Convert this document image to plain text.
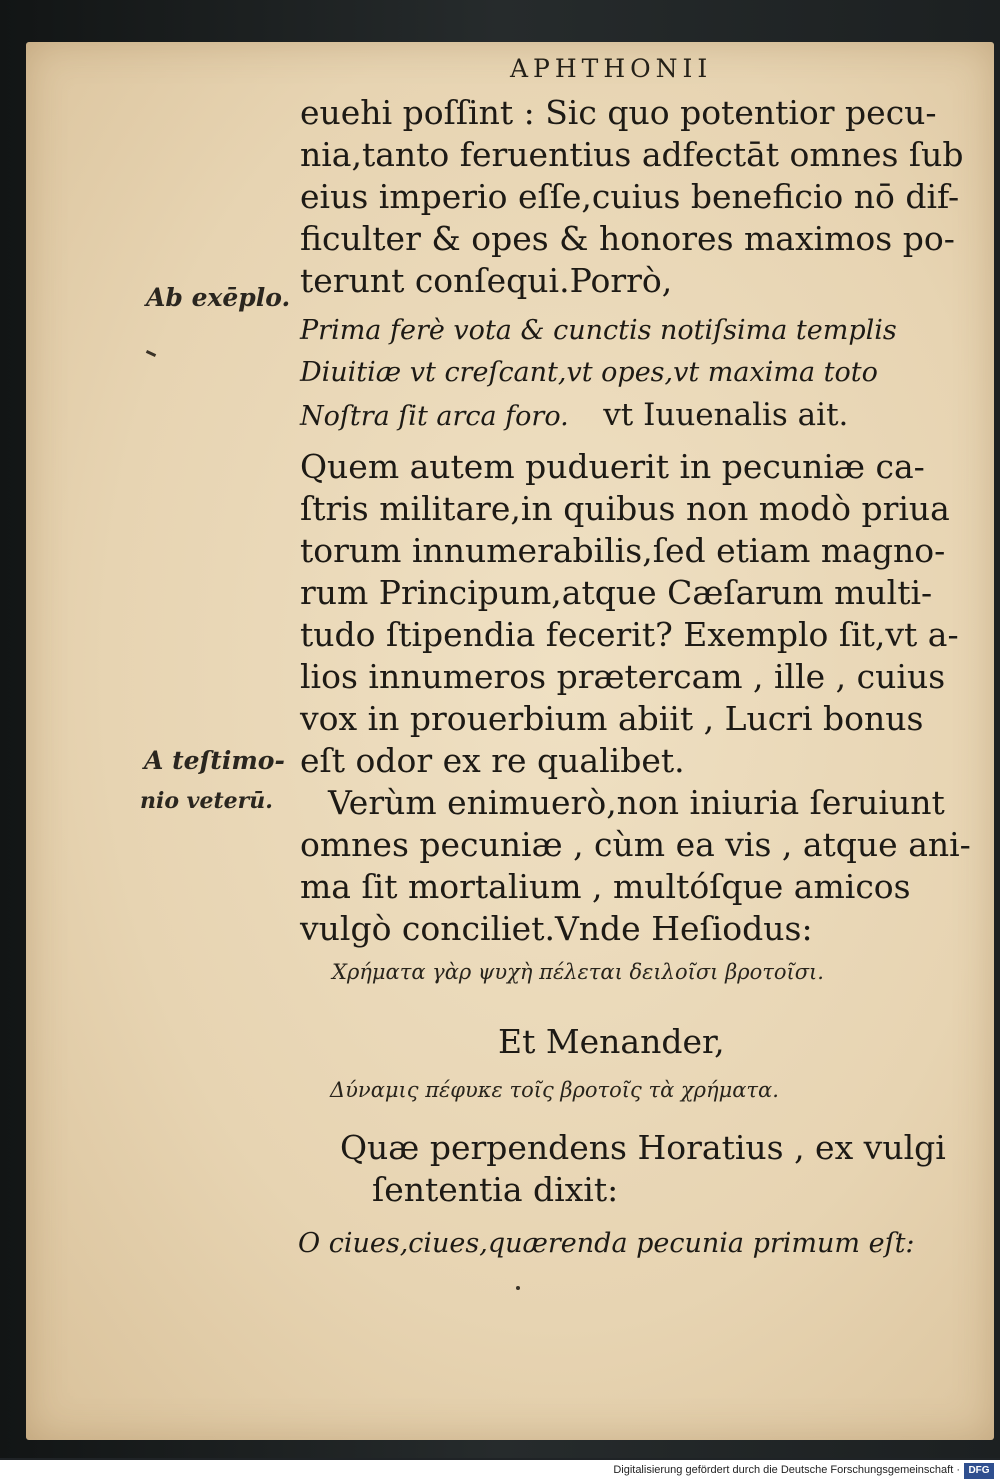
APHTHONII
Ab exēplo.
A teſtimo-
nio veterū.
euehi poſſint : Sic quo potentior pecu-
nia,tanto feruentius adfectāt omnes ſub
eius imperio eſſe,cuius beneficio nō dif-
ficulter & opes & honores maximos po-
terunt conſequi.Porrò,
Prima ferè vota & cunctis notiſsima templis
Diuitiæ vt creſcant,vt opes,vt maxima toto
Noſtra ſit arca foro. vt Iuuenalis ait.
Quem autem puduerit in pecuniæ ca-
ſtris militare,in quibus non modò priua
torum innumerabilis,ſed etiam magno-
rum Principum,atque Cæſarum multi-
tudo ſtipendia fecerit? Exemplo ſit,vt a-
lios innumeros prætercam , ille , cuius
vox in prouerbium abiit , Lucri bonus
eſt odor ex re qualibet.
Verùm enimuerò,non iniuria ſeruiunt
omnes pecuniæ , cùm ea vis , atque ani-
ma ſit mortalium , multóſque amicos
vulgò conciliet.Vnde Heſiodus:
Χρήματα γὰρ ψυχὴ πέλεται δειλοῖσι βροτοῖσι.
Et Menander,
Δύναμις πέφυκε τοῖς βροτοῖς τὰ χρήματα.
Quæ perpendens Horatius , ex vulgi
ſententia dixit:
O ciues,ciues,quærenda pecunia primum eſt:
Digitalisierung gefördert durch die Deutsche Forschungsgemeinschaft · DFG
